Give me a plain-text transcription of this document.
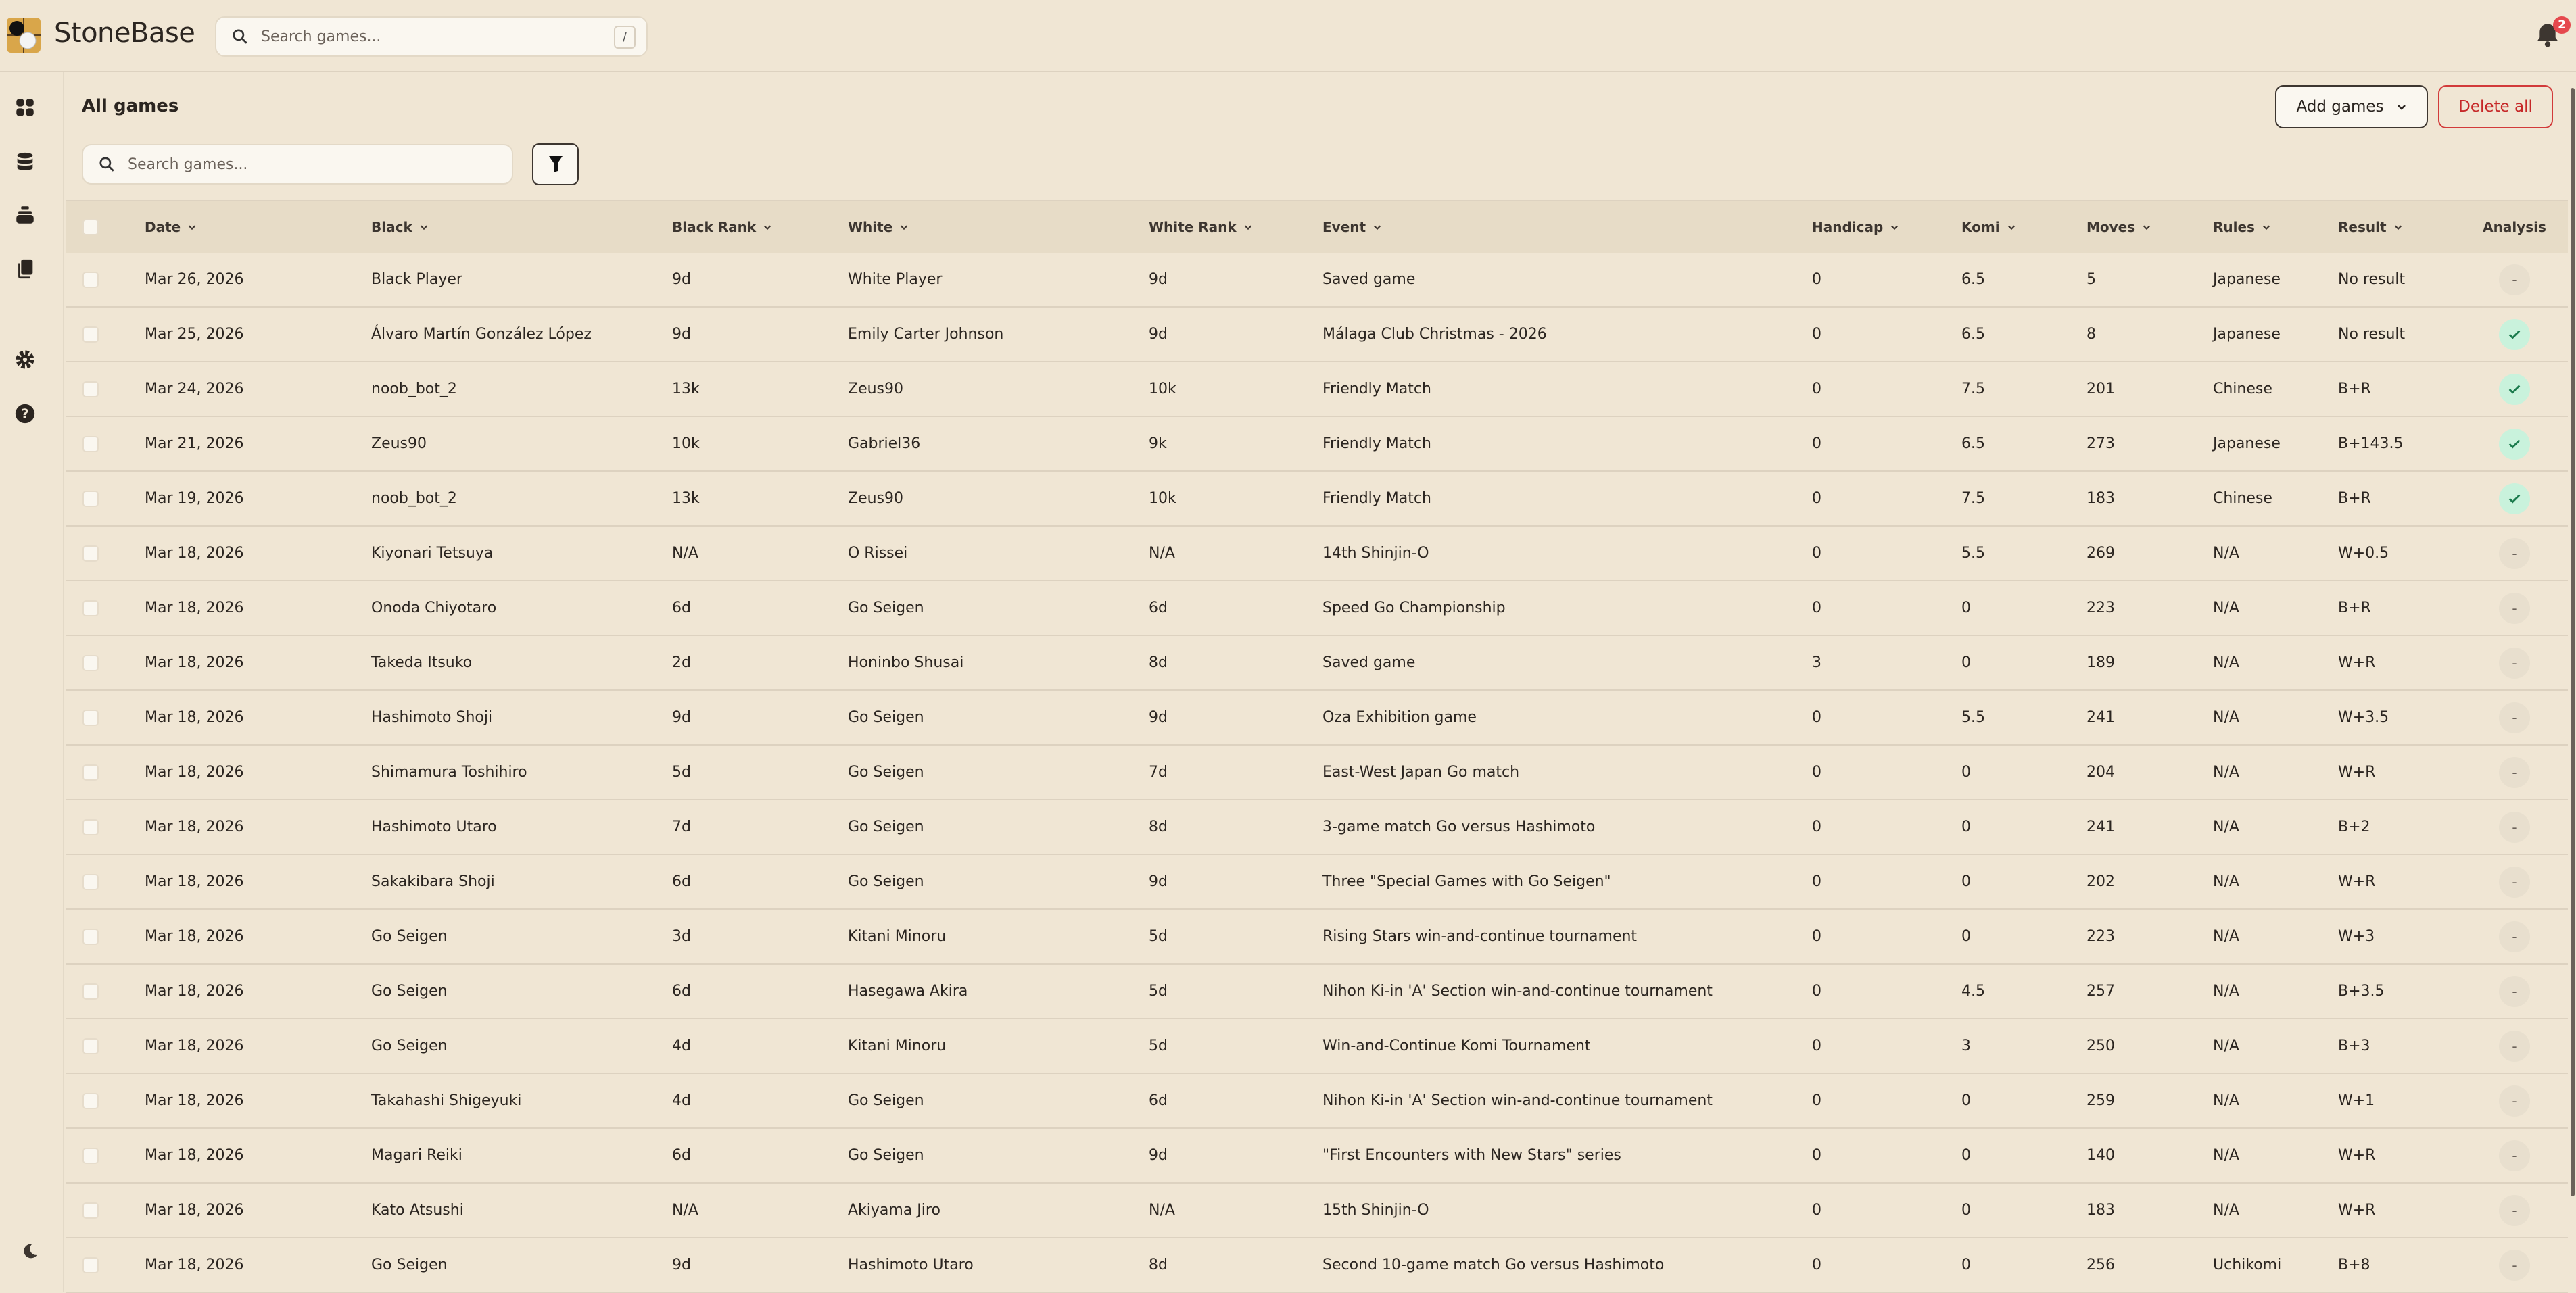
StoneBase
Search games...	/
2
?
All games	Add games	Delete all
Search games...
Date	Black	Black Rank	White	White Rank	Event	Handicap	Komi	Moves	Rules	Result	Analysis
Mar 26, 2026	Black Player	9d	White Player	9d	Saved game	0	6.5	5	Japanese	No result	-
Mar 25, 2026	Álvaro Martín González López	9d	Emily Carter Johnson	9d	Málaga Club Christmas - 2026	0	6.5	8	Japanese	No result
Mar 24, 2026	noob_bot_2	13k	Zeus90	10k	Friendly Match	0	7.5	201	Chinese	B+R
Mar 21, 2026	Zeus90	10k	Gabriel36	9k	Friendly Match	0	6.5	273	Japanese	B+143.5
Mar 19, 2026	noob_bot_2	13k	Zeus90	10k	Friendly Match	0	7.5	183	Chinese	B+R
Mar 18, 2026	Kiyonari Tetsuya	N/A	O Rissei	N/A	14th Shinjin-O	0	5.5	269	N/A	W+0.5	-
Mar 18, 2026	Onoda Chiyotaro	6d	Go Seigen	6d	Speed Go Championship	0	0	223	N/A	B+R	-
Mar 18, 2026	Takeda Itsuko	2d	Honinbo Shusai	8d	Saved game	3	0	189	N/A	W+R	-
Mar 18, 2026	Hashimoto Shoji	9d	Go Seigen	9d	Oza Exhibition game	0	5.5	241	N/A	W+3.5	-
Mar 18, 2026	Shimamura Toshihiro	5d	Go Seigen	7d	East-West Japan Go match	0	0	204	N/A	W+R	-
Mar 18, 2026	Hashimoto Utaro	7d	Go Seigen	8d	3-game match Go versus Hashimoto	0	0	241	N/A	B+2	-
Mar 18, 2026	Sakakibara Shoji	6d	Go Seigen	9d	Three "Special Games with Go Seigen"	0	0	202	N/A	W+R	-
Mar 18, 2026	Go Seigen	3d	Kitani Minoru	5d	Rising Stars win-and-continue tournament	0	0	223	N/A	W+3	-
Mar 18, 2026	Go Seigen	6d	Hasegawa Akira	5d	Nihon Ki-in 'A' Section win-and-continue tournament	0	4.5	257	N/A	B+3.5	-
Mar 18, 2026	Go Seigen	4d	Kitani Minoru	5d	Win-and-Continue Komi Tournament	0	3	250	N/A	B+3	-
Mar 18, 2026	Takahashi Shigeyuki	4d	Go Seigen	6d	Nihon Ki-in 'A' Section win-and-continue tournament	0	0	259	N/A	W+1	-
Mar 18, 2026	Magari Reiki	6d	Go Seigen	9d	"First Encounters with New Stars" series	0	0	140	N/A	W+R	-
Mar 18, 2026	Kato Atsushi	N/A	Akiyama Jiro	N/A	15th Shinjin-O	0	0	183	N/A	W+R	-
Mar 18, 2026	Go Seigen	9d	Hashimoto Utaro	8d	Second 10-game match Go versus Hashimoto	0	0	256	Uchikomi	B+8	-
